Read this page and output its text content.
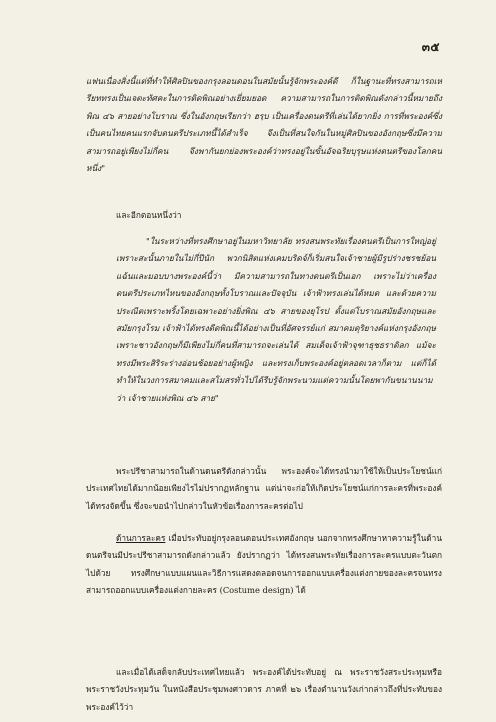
๓๕
แฟนเนื่องสิ่งนี้แต่ที่ทำให้ศิลปินของกรุงลอนดอนในสมัยนั้นรู้จักพระองค์ดี ก็ในฐานะที่ทรงสามารถเหรียททรงเป็นเจตะทัศคะในการติดพิณอย่างเยี่ยมยอด ความสามารถในการติดพิณดังกล่าวนี้หมายถึงพิณ ๔๖ สายอย่างโบราณ ซึ่งในอังกฤษเรียกว่า ฮรฺบ เป็นเครื่องดนตรีที่เล่นได้ยากยิ่ง การที่พระองค์ซึ่งเป็นคนไทยคนแรกจับดนตรีประเภทนี้ได้สำเร็จ จึงเป็นที่สนใจกันในหมู่ศิลปินของอังกฤษซึ่งมีความสามารถอยู่เพียงไม่กี่คน จึงพากันยกย่องพระองค์ว่าทรงอยู่ในขั้นอัจฉริยบุรุษแห่งดนตรีของโลกคนหนึ่ง"
และอีกตอนหนึ่งว่า
"ในระหว่างที่ทรงศึกษาอยู่ในมหาวิทยาลัย ทรงสนพระทัยเรื่องดนตรีเป็นการใหญ่อยู่ เพราะสะนั้นภายในไม่กี่ปีนัก พวกนิสิตแห่งเคมบริดจ์ก็เริ่มสนใจเจ้าชายผู้มีรูปร่างชรชย้อนแฉ้นและมอบบางพระองค์นี้ว่า มีความสามารถในทางดนตรีเป็นเอก เพราะไม่ว่าเครื่องดนตรีประเภทไหนของอังกฤษทั้งโบราณและปัจจุบัน เจ้าฟ้าทรงเล่นได้หมด และด้วยความประณีตเพราะพริ้งโดยเฉพาะอย่างยิ่งพิณ ๔๖ สายของยุโรป ตั้งแต่โบราณสมัยอังกฤษและสมัยกรุงโรม เจ้าฟ้าได้ทรงดีดพิณนี้ได้อย่างเป็นที่อัศจรรย์แก่ สมาคมดุริยางค์แห่งกรุงอังกฤษ เพราะชาวอังกฤษก็มีเพียงไม่กี่คนที่สามารถจะเล่นได้ สมเด็จเจ้าฟ้าจุฑาธุชธราดิลก แม้จะทรงมีพระสิริระร่างอ่อนช้อยอย่างผู้หญิง และทรงเก็บพระองค์อยู่ตลอดเวลาก็ตาม แต่ก็ได้ทำให้ในวงการสมาคมและสโมสรทั่วไปได้รีบรู้จักพระนามแต่ความนั้นโดยพากันขนานนามว่า เจ้าชายแห่งพิณ ๔๖ สาย"
พระปรีชาสามารถในด้านดนตรีดังกล่าวนั้น พระองค์จะได้ทรงนำมาใช้ให้เป็นประโยชน์แก่ประเทศไทยได้มากน้อยเพียงไรไม่ปรากฏหลักฐาน แต่น่าจะก่อให้เกิดประโยชน์แก่การละครที่พระองค์ได้ทรงจัดขึ้น ซึ่งจะขอนำไปกล่าวในหัวข้อเรื่องการละครต่อไป
ด้านการละคร เมื่อประทับอยู่กรุงลอนดอนประเทศอังกฤษ นอกจากทรงศึกษาหาความรู้ในด้านดนตรีจนมีประปรีชาสามารถดังกล่าวแล้ว ยังปรากฏว่า ได้ทรงสนพระทัยเรื่องการละครแบบตะวันตกไปด้วย ทรงศึกษาแบบแผนและวิธีการแสดงตลอดจนการออกแบบเครื่องแต่งกายของละครจนทรงสามารถออกแบบเครื่องแต่งกายละคร (Costume design) ได้
และเมื่อได้เสด็จกลับประเทศไทยแล้ว พระองค์ได้ประทับอยู่ ณ พระราชวังสระประทุมหรือพระราชวังประทุมวัน ในหนังสือประชุมพงศาวดาร ภาคที่ ๒๖ เรื่องตำนานวังเก่ากล่าวถึงที่ประทับของพระองค์ไว้ว่า
